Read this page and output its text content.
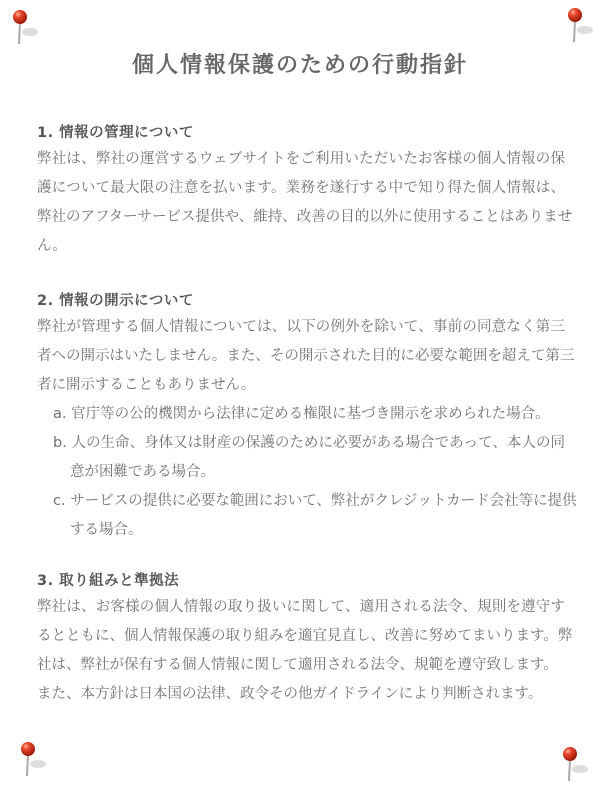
個人情報保護のための行動指針
1. 情報の管理について
弊社は、弊社の運営するウェブサイトをご利用いただいたお客様の個人情報の保
護について最大限の注意を払います。業務を遂行する中で知り得た個人情報は、
弊社のアフターサービス提供や、維持、改善の目的以外に使用することはありませ
ん。
2. 情報の開示について
弊社が管理する個人情報については、以下の例外を除いて、事前の同意なく第三
者への開示はいたしません。また、その開示された目的に必要な範囲を超えて第三
者に開示することもありません。
a. 官庁等の公的機関から法律に定める権限に基づき開示を求められた場合。
b. 人の生命、身体又は財産の保護のために必要がある場合であって、本人の同
意が困難である場合。
c. サービスの提供に必要な範囲において、弊社がクレジットカード会社等に提供
する場合。
3. 取り組みと準拠法
弊社は、お客様の個人情報の取り扱いに関して、適用される法令、規則を遵守す
るとともに、個人情報保護の取り組みを適宜見直し、改善に努めてまいります。弊
社は、弊社が保有する個人情報に関して適用される法令、規範を遵守致します。
また、本方針は日本国の法律、政令その他ガイドラインにより判断されます。
